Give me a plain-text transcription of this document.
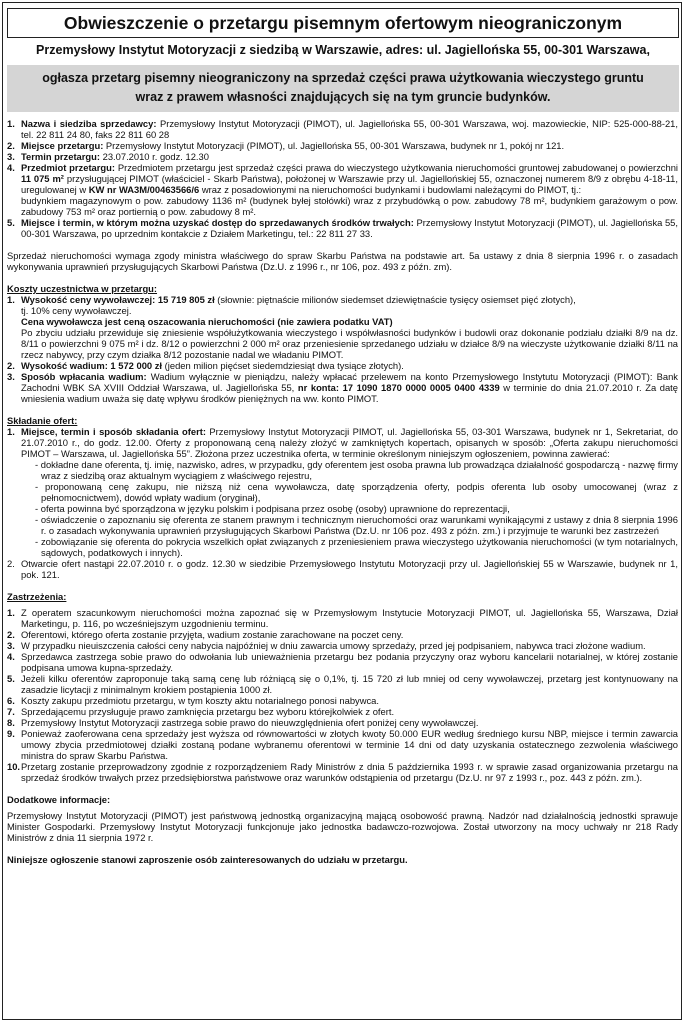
Obwieszczenie o przetargu pisemnym ofertowym nieograniczonym
Przemysłowy Instytut Motoryzacji z siedzibą w Warszawie, adres: ul. Jagiellońska 55, 00-301 Warszawa,
ogłasza przetarg pisemny nieograniczony na sprzedaż części prawa użytkowania wieczystego gruntu
wraz z prawem własności znajdujących się na tym gruncie budynków.
1. Nazwa i siedziba sprzedawcy: Przemysłowy Instytut Motoryzacji (PIMOT), ul. Jagiellońska 55, 00-301 Warszawa, woj. mazowieckie, NIP: 525-000-88-21, tel. 22 811 24 80, faks 22 811 60 28
2. Miejsce przetargu: Przemysłowy Instytut Motoryzacji (PIMOT), ul. Jagiellońska 55, 00-301 Warszawa, budynek nr 1, pokój nr 121.
3. Termin przetargu: 23.07.2010 r. godz. 12.30
4. Przedmiot przetargu: Przedmiotem przetargu jest sprzedaż części prawa do wieczystego użytkowania nieruchomości gruntowej zabudowanej o powierzchni 11 075 m² przysługującej PIMOT (właściciel - Skarb Państwa), położonej w Warszawie przy ul. Jagiellońskiej 55, oznaczonej numerem 8/9 z obrębu 4-18-11, uregulowanej w KW nr WA3M/00463566/6 wraz z posadowionymi na nieruchomości budynkami i budowlami należącymi do PIMOT, tj.:
budynkiem magazynowym o pow. zabudowy 1136 m² (budynek byłej stołówki) wraz z przybudówką o pow. zabudowy 78 m², budynkiem garażowym o pow. zabudowy 753 m² oraz portiernią o pow. zabudowy 8 m².
5. Miejsce i termin, w którym można uzyskać dostęp do sprzedawanych środków trwałych: Przemysłowy Instytut Motoryzacji (PIMOT), ul. Jagiellońska 55, 00-301 Warszawa, po uprzednim kontakcie z Działem Marketingu, tel.: 22 811 27 33.

Sprzedaż nieruchomości wymaga zgody ministra właściwego do spraw Skarbu Państwa na podstawie art. 5a ustawy z dnia 8 sierpnia 1996 r. o zasadach wykonywania uprawnień przysługujących Skarbowi Państwa (Dz.U. z 1996 r., nr 106, poz. 493 z późn. zm).

Koszty uczestnictwa w przetargu:

1. Wysokość ceny wywoławczej: 15 719 805 zł (słownie: piętnaście milionów siedemset dziewiętnaście tysięcy osiemset pięć złotych),
tj. 10% ceny wywoławczej.
Cena wywoławcza jest ceną oszacowania nieruchomości (nie zawiera podatku VAT)
Po zbyciu udziału przewiduje się zniesienie współużytkowania wieczystego i współwłasności budynków i budowli oraz dokonanie podziału działki 8/9 na dz. 8/11 o powierzchni 9 075 m² i dz. 8/12 o powierzchni 2 000 m² oraz przeniesienie sprzedanego udziału w działce 8/9 na wieczyste użytkowanie działki 8/11 na rzecz nabywcy, przy czym działka 8/12 pozostanie nadal we władaniu PIMOT.
2. Wysokość wadium: 1 572 000 zł (jeden milion pięćset siedemdziesiąt dwa tysiące złotych).
3. Sposób wpłacania wadium: Wadium wyłącznie w pieniądzu, należy wpłacać przelewem na konto Przemysłowego Instytutu Motoryzacji (PIMOT): Bank Zachodni WBK SA XVIII Oddział Warszawa, ul. Jagiellońska 55, nr konta: 17 1090 1870 0000 0005 0400 4339 w terminie do dnia 21.07.2010 r. Za datę wniesienia wadium uważa się datę wpływu środków pieniężnych na ww. konto PIMOT.

Składanie ofert:

1. Miejsce, termin i sposób składania ofert: Przemysłowy Instytut Motoryzacji PIMOT, ul. Jagiellońska 55, 03-301 Warszawa, budynek nr 1, Sekretariat, do 21.07.2010 r., do godz. 12.00. Oferty z proponowaną ceną należy złożyć w zamkniętych kopertach, opisanych w sposób: „Oferta zakupu nieruchomości PIMOT – Warszawa, ul. Jagiellońska 55”. Złożona przez uczestnika oferta, w terminie określonym niniejszym ogłoszeniem, powinna zawierać:
- dokładne dane oferenta, tj. imię, nazwisko, adres, w przypadku, gdy oferentem jest osoba prawna lub prowadząca działalność gospodarczą - nazwę firmy wraz z siedzibą oraz aktualnym wyciągiem z właściwego rejestru,
- proponowaną cenę zakupu, nie niższą niż cena wywoławcza, datę sporządzenia oferty, podpis oferenta lub osoby umocowanej (wraz z pełnomocnictwem), dowód wpłaty wadium (oryginał),
- oferta powinna być sporządzona w języku polskim i podpisana przez osobę (osoby) uprawnione do reprezentacji,
- oświadczenie o zapoznaniu się oferenta ze stanem prawnym i technicznym nieruchomości oraz warunkami wynikającymi z ustawy z dnia 8 sierpnia 1996 r. o zasadach wykonywania uprawnień przysługujących Skarbowi Państwa (Dz.U. nr 106 poz. 493 z późn. zm.) i przyjmuje te warunki bez zastrzeżeń
- zobowiązanie się oferenta do pokrycia wszelkich opłat związanych z przeniesieniem prawa wieczystego użytkowania nieruchomości (w tym notarialnych, sądowych, podatkowych i innych).
2. Otwarcie ofert nastąpi 22.07.2010 r. o godz. 12.30 w siedzibie Przemysłowego Instytutu Motoryzacji przy ul. Jagiellońskiej 55 w Warszawie, budynek nr 1, pok. 121.

Zastrzeżenia:

1. Z operatem szacunkowym nieruchomości można zapoznać się w Przemysłowym Instytucie Motoryzacji PIMOT, ul. Jagiellońska 55, Warszawa, Dział Marketingu, p. 116, po wcześniejszym uzgodnieniu terminu.
2. Oferentowi, którego oferta zostanie przyjęta, wadium zostanie zarachowane na poczet ceny.
3. W przypadku nieuiszczenia całości ceny nabycia najpóźniej w dniu zawarcia umowy sprzedaży, przed jej podpisaniem, nabywca traci złożone wadium.
4. Sprzedawca zastrzega sobie prawo do odwołania lub unieważnienia przetargu bez podania przyczyny oraz wyboru kancelarii notarialnej, w której zostanie podpisana umowa kupna-sprzedaży.
5. Jeżeli kilku oferentów zaproponuje taką samą cenę lub różniącą się o 0,1%, tj. 15 720 zł lub mniej od ceny wywoławczej, przetarg jest kontynuowany na zasadzie licytacji z minimalnym krokiem postąpienia 1000 zł.
6. Koszty zakupu przedmiotu przetargu, w tym koszty aktu notarialnego ponosi nabywca.
7. Sprzedającemu przysługuje prawo zamknięcia przetargu bez wyboru którejkolwiek z ofert.
8. Przemysłowy Instytut Motoryzacji zastrzega sobie prawo do nieuwzględnienia ofert poniżej ceny wywoławczej.
9. Ponieważ zaoferowana cena sprzedaży jest wyższa od równowartości w złotych kwoty 50.000 EUR według średniego kursu NBP, miejsce i termin zawarcia umowy zbycia przedmiotowej działki zostaną podane wybranemu oferentowi w terminie 14 dni od daty uzyskania ostatecznego zezwolenia właściwego ministra do spraw Skarbu Państwa.
10. Przetarg zostanie przeprowadzony zgodnie z rozporządzeniem Rady Ministrów z dnia 5 października 1993 r. w sprawie zasad organizowania przetargu na sprzedaż środków trwałych przez przedsiębiorstwa państwowe oraz warunków odstąpienia od przetargu (Dz.U. nr 97 z 1993 r., poz. 443 z późn. zm.).

Dodatkowe informacje:

Przemysłowy Instytut Motoryzacji (PIMOT) jest państwową jednostką organizacyjną mającą osobowość prawną. Nadzór nad działalnością jednostki sprawuje Minister Gospodarki. Przemysłowy Instytut Motoryzacji funkcjonuje jako jednostka badawczo-rozwojowa. Został utworzony na mocy uchwały nr 218 Rady Ministrów z dnia 11 sierpnia 1972 r.

Niniejsze ogłoszenie stanowi zaproszenie osób zainteresowanych do udziału w przetargu.
